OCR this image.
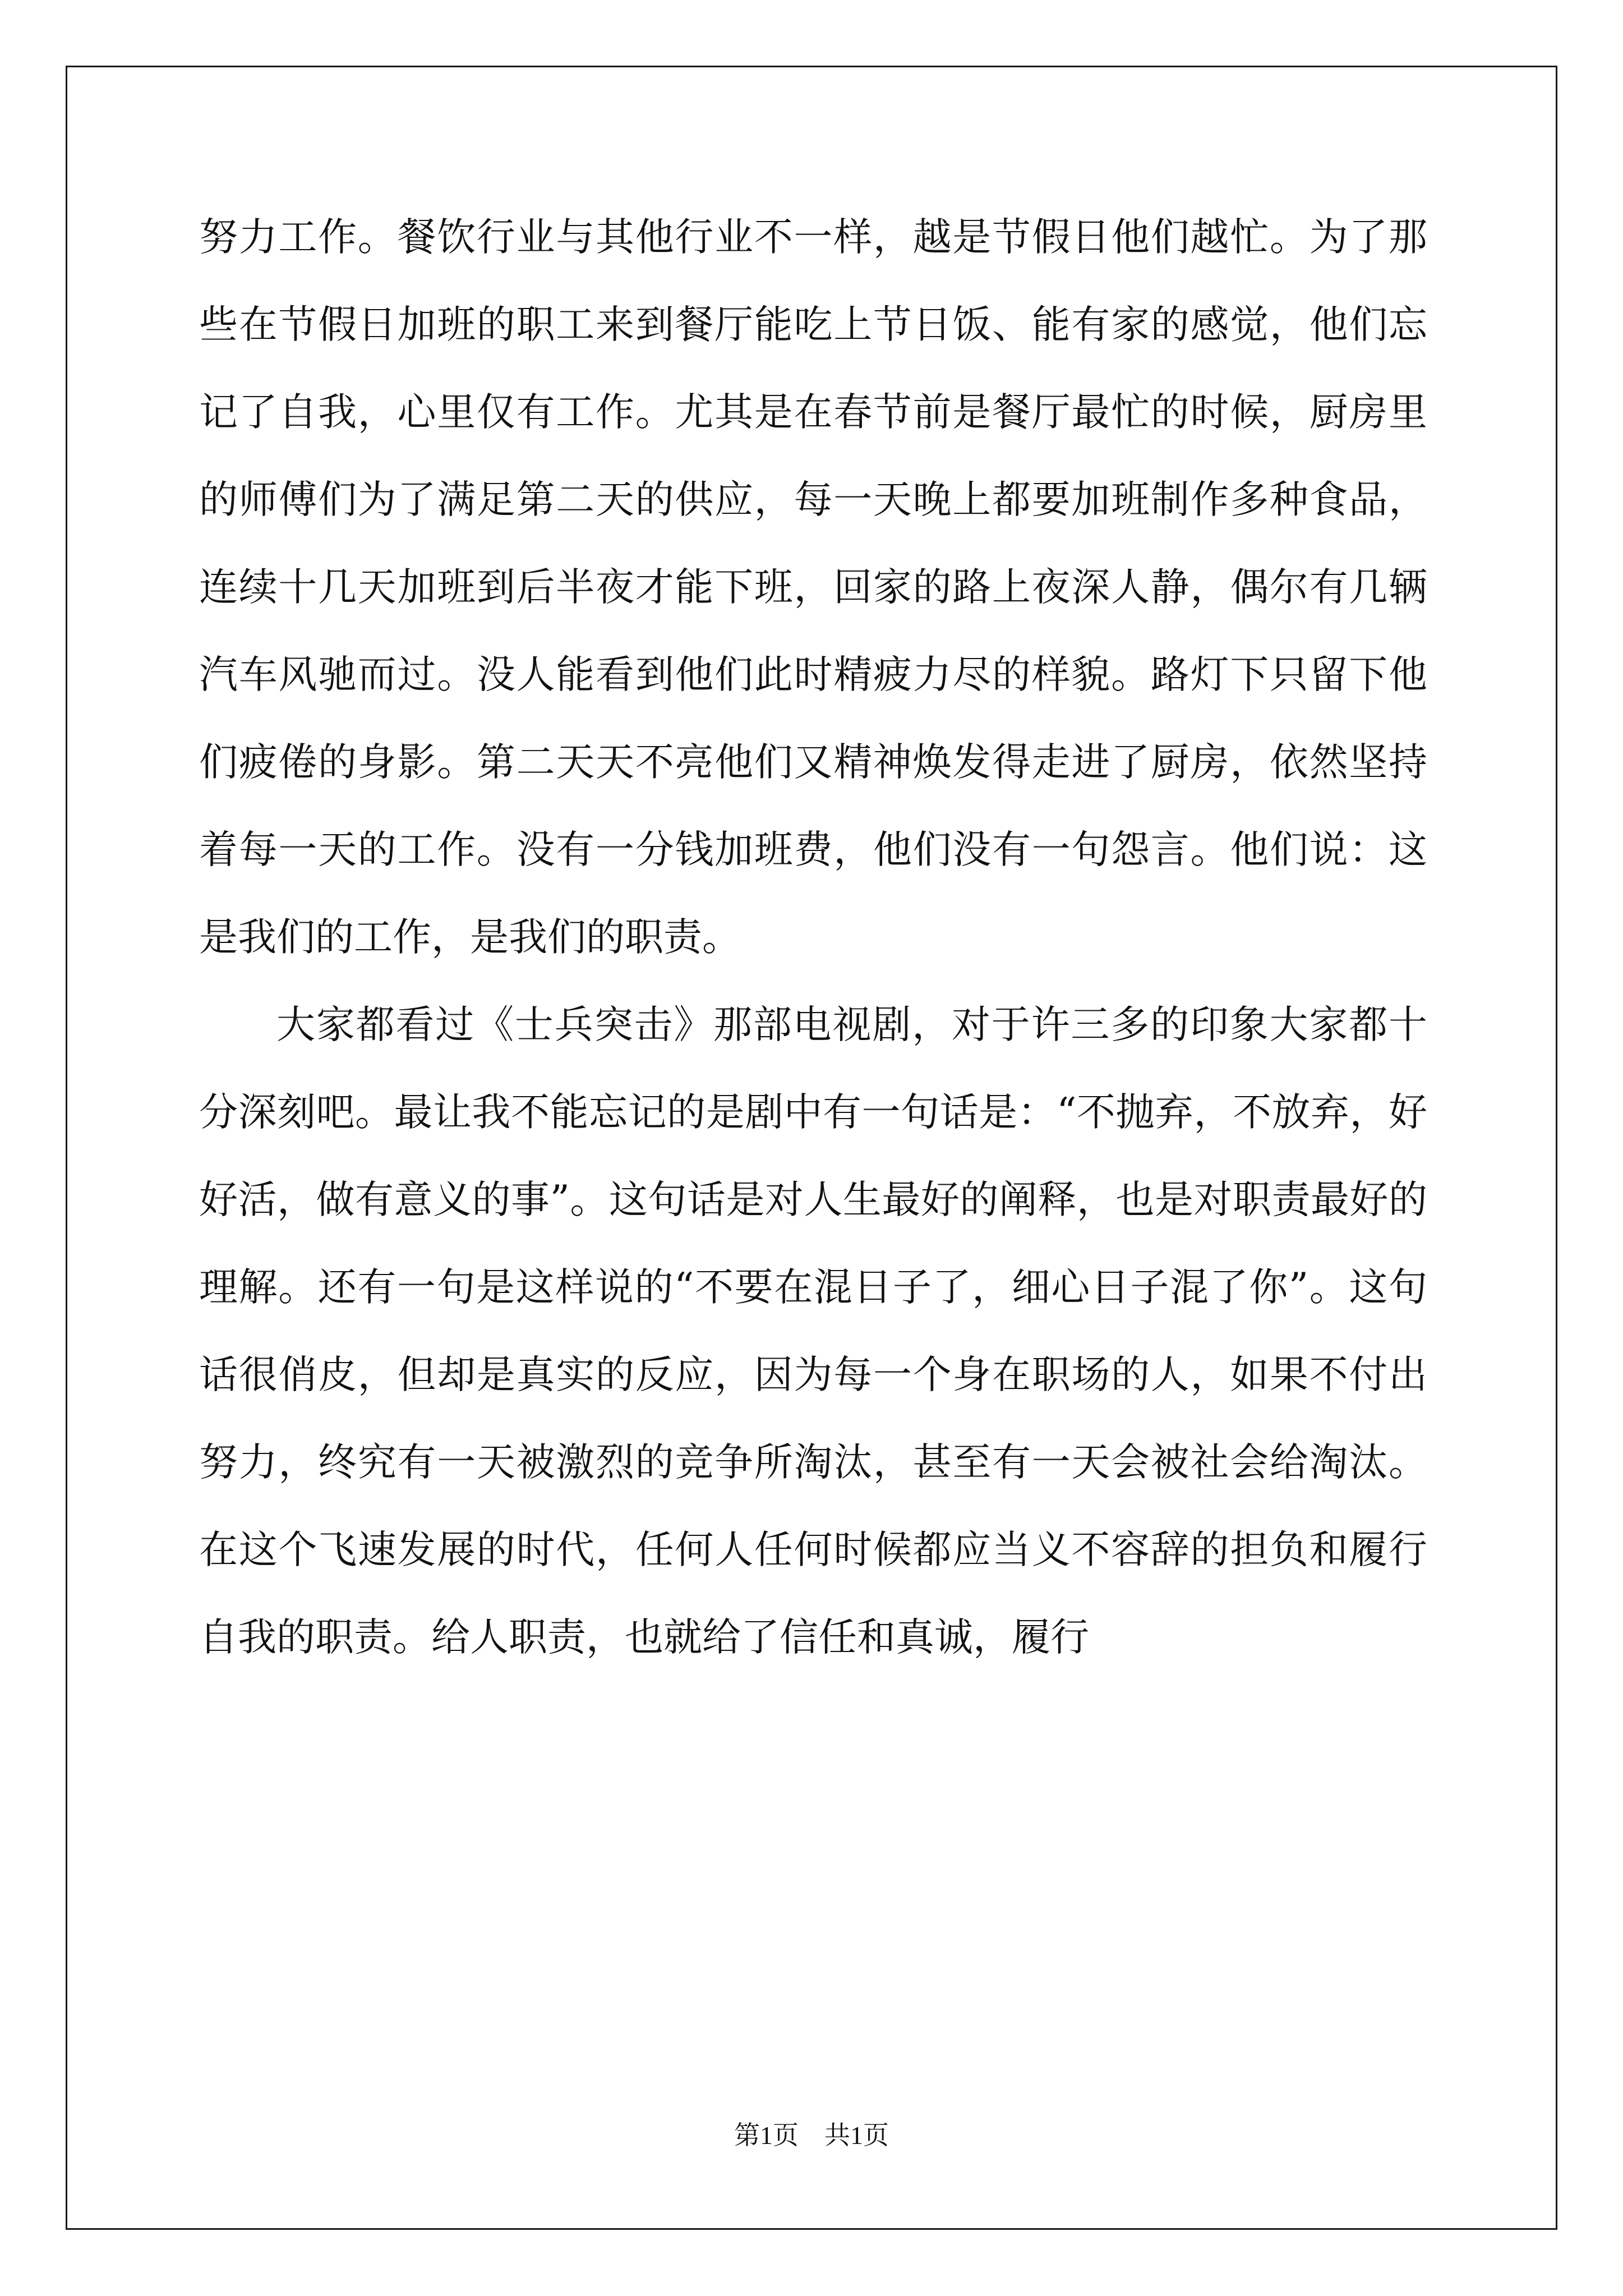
努力工作。餐饮行业与其他行业不一样，越是节假日他们越忙。为了那些在节假日加班的职工来到餐厅能吃上节日饭、能有家的感觉，他们忘记了自我，心里仅有工作。尤其是在春节前是餐厅最忙的时候，厨房里的师傅们为了满足第二天的供应，每一天晚上都要加班制作多种食品，连续十几天加班到后半夜才能下班，回家的路上夜深人静，偶尔有几辆汽车风驰而过。没人能看到他们此时精疲力尽的样貌。路灯下只留下他们疲倦的身影。第二天天不亮他们又精神焕发得走进了厨房，依然坚持着每一天的工作。没有一分钱加班费，他们没有一句怨言。他们说：这是我们的工作，是我们的职责。

大家都看过《士兵突击》那部电视剧，对于许三多的印象大家都十分深刻吧。最让我不能忘记的是剧中有一句话是：“不抛弃，不放弃，好好活，做有意义的事”。这句话是对人生最好的阐释，也是对职责最好的理解。还有一句是这样说的“不要在混日子了，细心日子混了你”。这句话很俏皮，但却是真实的反应，因为每一个身在职场的人，如果不付出努力，终究有一天被激烈的竞争所淘汰，甚至有一天会被社会给淘汰。在这个飞速发展的时代，任何人任何时候都应当义不容辞的担负和履行自我的职责。给人职责，也就给了信任和真诚，履行

第1页　共1页
